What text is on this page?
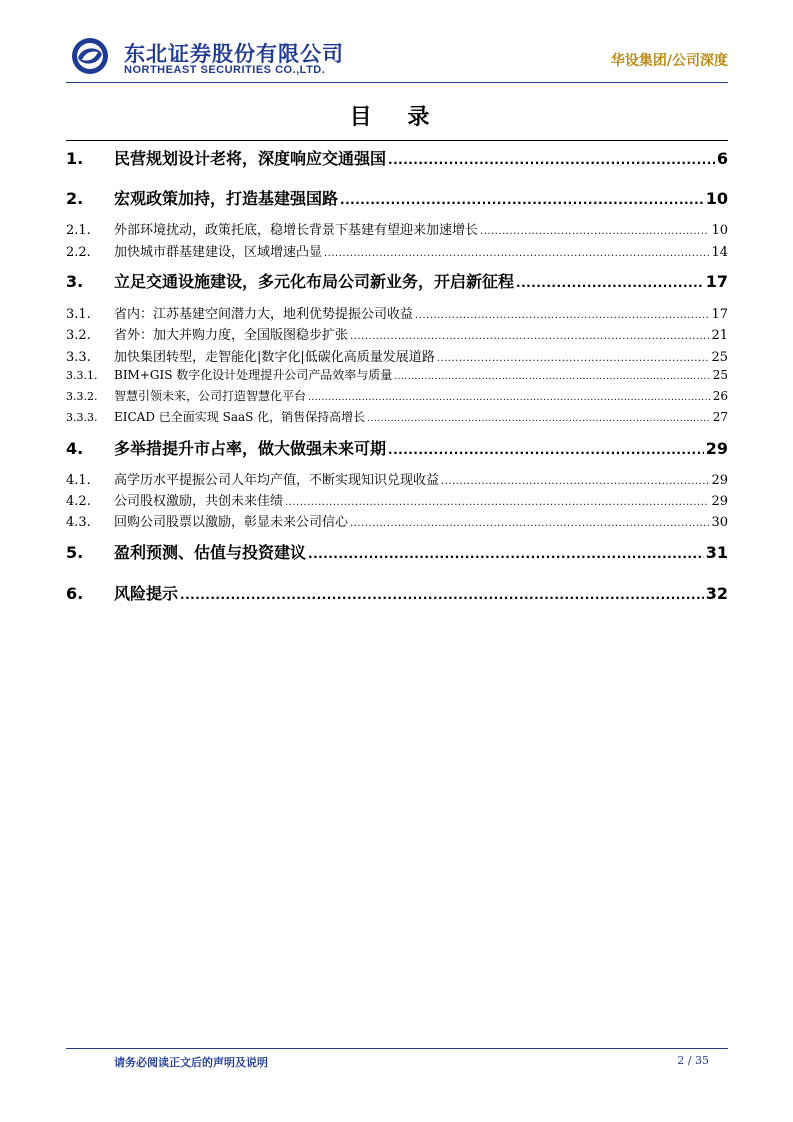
东北证券股份有限公司
NORTHEAST SECURITIES CO.,LTD.
华设集团/公司深度
目 录
1.	民营规划设计老将，深度响应交通强国 .....	6
2.	宏观政策加持，打造基建强国路 .....	10
2.1.	外部环境扰动，政策托底，稳增长背景下基建有望迎来加速增长 .....	10
2.2.	加快城市群基建建设，区域增速凸显 .....	14
3.	立足交通设施建设，多元化布局公司新业务，开启新征程 .....	17
3.1.	省内：江苏基建空间潜力大，地利优势提振公司收益 .....	17
3.2.	省外：加大并购力度，全国版图稳步扩张 .....	21
3.3.	加快集团转型，走智能化|数字化|低碳化高质量发展道路 .....	25
3.3.1.	BIM+GIS 数字化设计处理提升公司产品效率与质量 .....	25
3.3.2.	智慧引领未来，公司打造智慧化平台 .....	26
3.3.3.	EICAD 已全面实现 SaaS 化，销售保持高增长 .....	27
4.	多举措提升市占率，做大做强未来可期 .....	29
4.1.	高学历水平提振公司人年均产值，不断实现知识兑现收益 .....	29
4.2.	公司股权激励，共创未来佳绩 .....	29
4.3.	回购公司股票以激励，彰显未来公司信心 .....	30
5.	盈利预测、估值与投资建议 .....	31
6.	风险提示 .....	32
请务必阅读正文后的声明及说明	2 / 35
